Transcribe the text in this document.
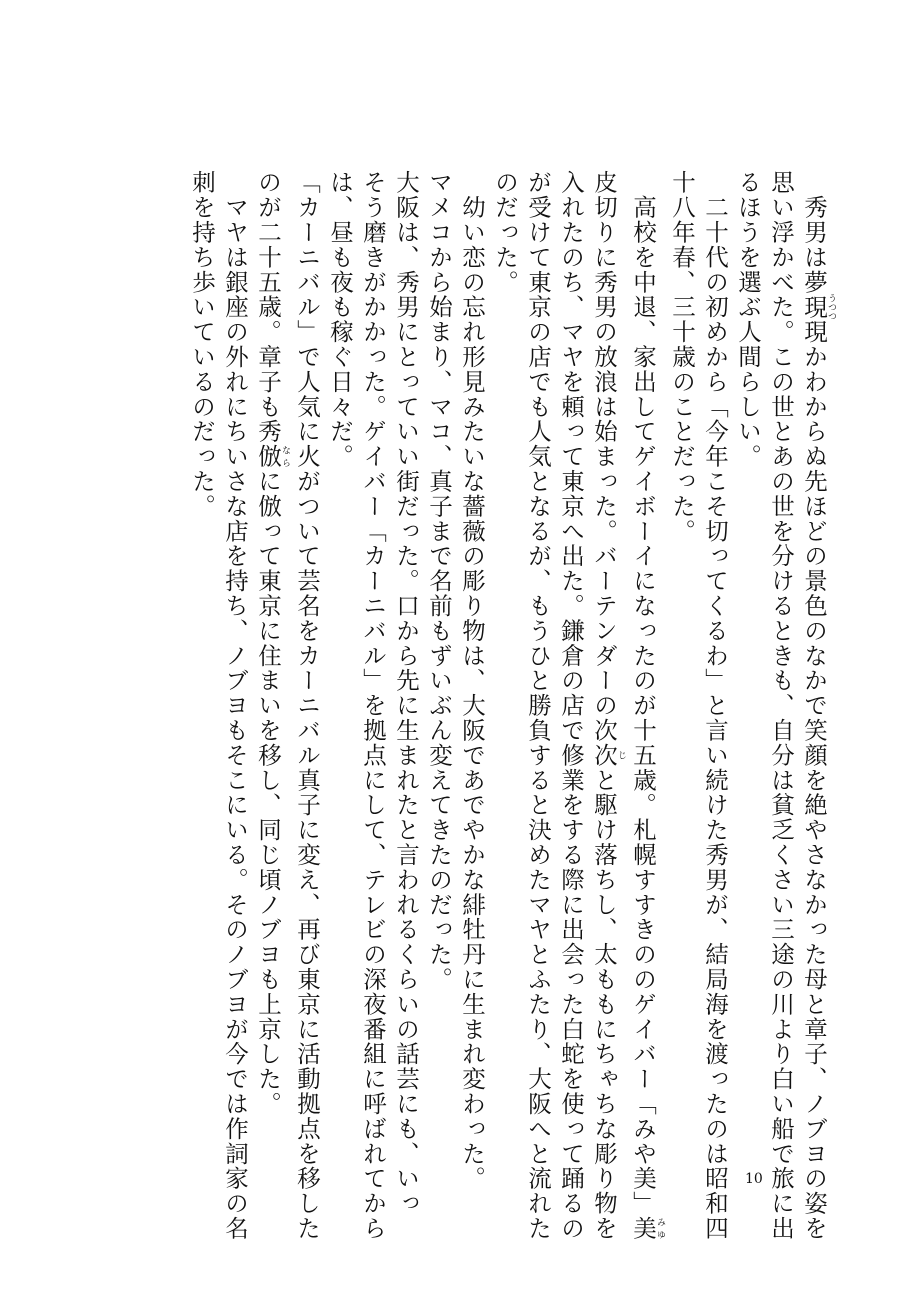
　秀男は夢現うつつ現かわからぬ先ほどの景色のなかで笑顔を絶やさなかった母と章子、ノブヨの姿を
思い浮かべた。この世とあの世を分けるときも、自分は貧乏くさい三途の川より白い船で旅に出
るほうを選ぶ人間らしい。
　二十代の初めから「今年こそ切ってくるわ」と言い続けた秀男が、結局海を渡ったのは昭和四
十八年春、三十歳のことだった。
　高校を中退、家出してゲイボーイになったのが十五歳。札幌すすきののゲイバー「みや美」美みゆ
皮切りに秀男の放浪は始まった。バーテンダーの次次じと駆け落ちし、太ももにちゃちな彫り物を
入れたのち、マヤを頼って東京へ出た。鎌倉の店で修業をする際に出会った白蛇を使って踊るの
が受けて東京の店でも人気となるが、もうひと勝負すると決めたマヤとふたり、大阪へと流れた
のだった。
　幼い恋の忘れ形見みたいな薔薇の彫り物は、大阪であでやかな緋牡丹に生まれ変わった。
マメコから始まり、マコ、真子まで名前もずいぶん変えてきたのだった。
大阪は、秀男にとっていい街だった。口から先に生まれたと言われるくらいの話芸にも、いっ
そう磨きがかかった。ゲイバー「カーニバル」を拠点にして、テレビの深夜番組に呼ばれてから
は、昼も夜も稼ぐ日々だ。
「カーニバル」で人気に火がついて芸名をカーニバル真子に変え、再び東京に活動拠点を移した
のが二十五歳。章子も秀倣ならに倣って東京に住まいを移し、同じ頃ノブヨも上京した。
　マヤは銀座の外れにちいさな店を持ち、ノブヨもそこにいる。そのノブヨが今では作詞家の名
刺を持ち歩いているのだった。
10
